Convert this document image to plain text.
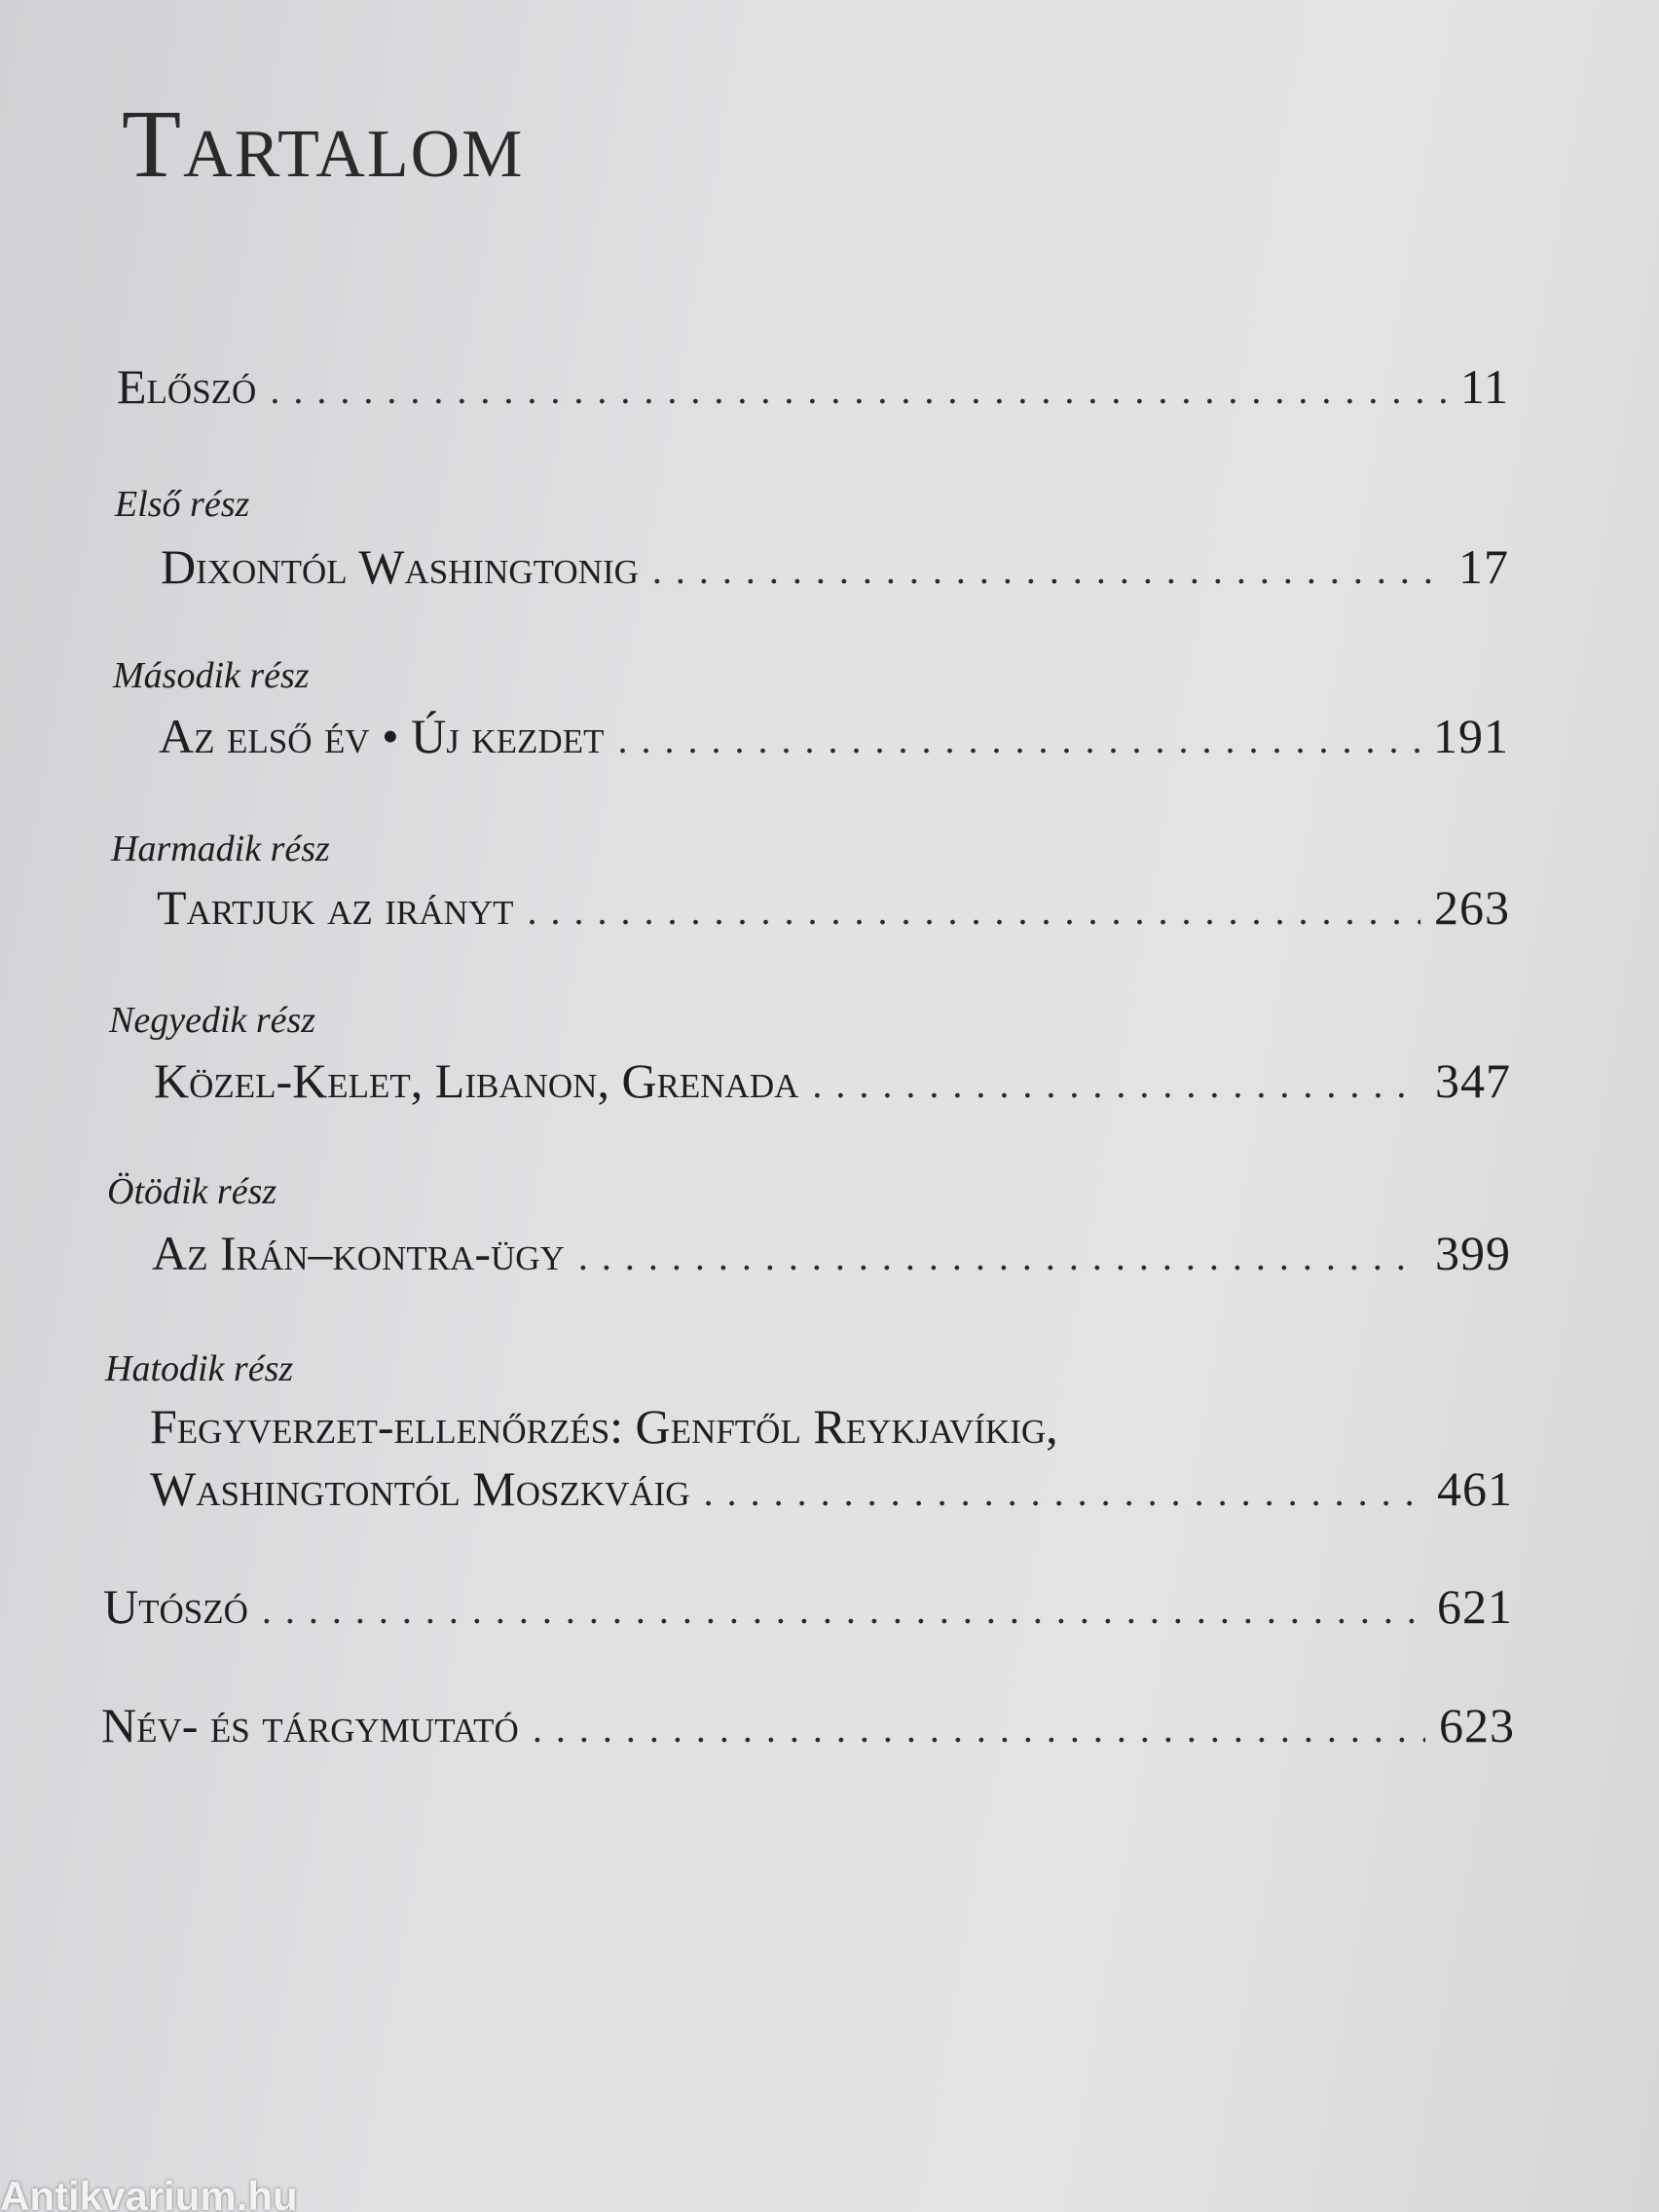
Tartalom
Előszó . . .	11
Első rész
Dixontól Washingtonig . . .	17
Második rész
Az első év • Új kezdet . . .	191
Harmadik rész
Tartjuk az irányt . . .	263
Negyedik rész
Közel-Kelet, Libanon, Grenada . . .	347
Ötödik rész
Az Irán–kontra-ügy . . .	399
Hatodik rész
Fegyverzet-ellenőrzés: Genftől Reykjavíkig,
Washingtontól Moszkváig . . .	461
Utószó . . .	621
Név- és tárgymutató . . .	623
Antikvarium.hu
